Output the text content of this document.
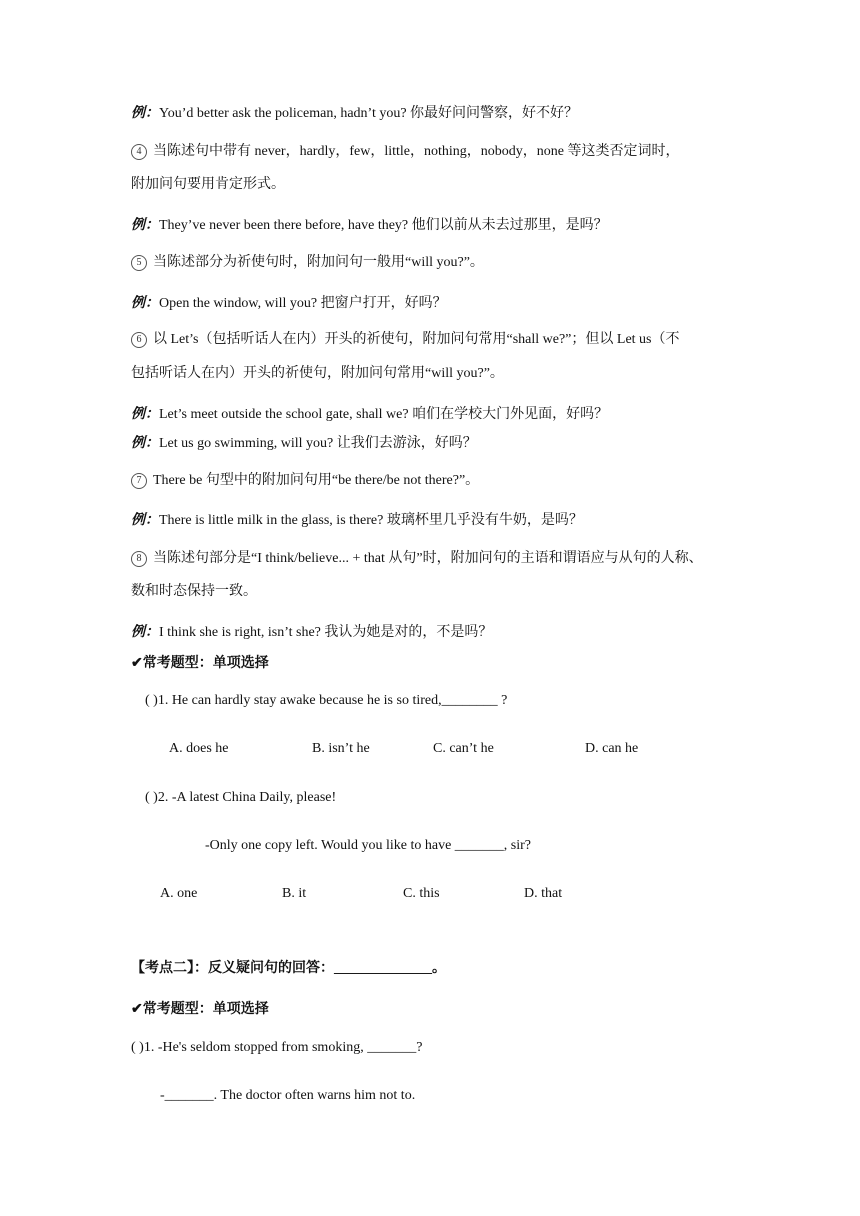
例：You’d better ask the policeman, hadn’t you? 你最好问问警察，好不好？
4 当陈述句中带有 never，hardly，few，little，nothing，nobody，none 等这类否定词时，
附加问句要用肯定形式。
例：They’ve never been there before, have they? 他们以前从未去过那里，是吗？
5 当陈述部分为祈使句时，附加问句一般用“will you?”。
例：Open the window, will you? 把窗户打开，好吗？
6 以 Let’s（包括听话人在内）开头的祈使句，附加问句常用“shall we?”；但以 Let us（不
包括听话人在内）开头的祈使句，附加问句常用“will you?”。
例：Let’s meet outside the school gate, shall we? 咱们在学校大门外见面，好吗？
例：Let us go swimming, will you? 让我们去游泳，好吗？
7 There be 句型中的附加问句用“be there/be not there?”。
例：There is little milk in the glass, is there? 玻璃杯里几乎没有牛奶，是吗？
8 当陈述句部分是“I think/believe... + that 从句”时，附加问句的主语和谓语应与从句的人称、
数和时态保持一致。
例：I think she is right, isn’t she? 我认为她是对的，不是吗？
✔常考题型：单项选择
( )1. He can hardly stay awake because he is so tired,________ ?
A. does he	B. isn’t he	C. can’t he	D. can he
( )2. -A latest China Daily, please!
-Only one copy left. Would you like to have _______, sir?
A. one	B. it	C. this	D. that
【考点二】：反义疑问句的回答：______________。
✔常考题型：单项选择
( )1. -He's seldom stopped from smoking, _______?
-_______. The doctor often warns him not to.
